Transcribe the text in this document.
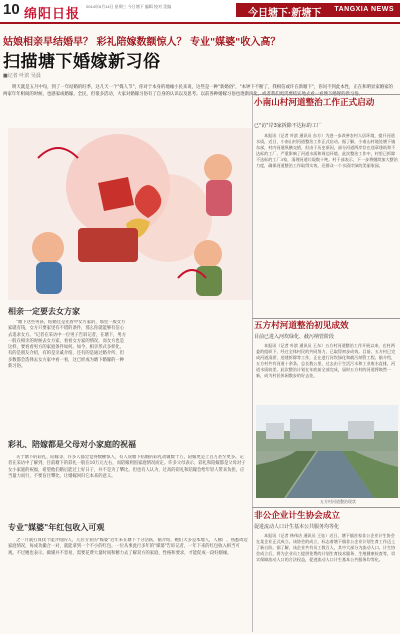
10 绵阳日报
2014年5月14日 星期三 今日塘下 编辑 校对 美编
今日塘下·新塘下 TANGXIA NEWS
姑娘相亲早结婚早？ 彩礼陪嫁数额惊人？ 专业"媒婆"收入高？
扫描塘下婚嫁新习俗
■记者 叶滨 吴晨
明天就是五月中旬，到了一年结婚的旺季，这几天一个"媒人节"，你对于本身的地缘小民来说，这些是一种"新婚俗"，"本钟下不断了，我相信或许在新塘下"，你问不到此本性，正在和明显家婚家的两家年年相间的时候，也感家或婚嫁。全民，但很多活动，大家对婚嫁习俗有了自身的认识以及思考。以前各种婚嫁习俗也逐渐淡化，或者我们更需要结实地去看一看塘下婚嫁的新习俗。
相亲一定要去女方家
"塘下这些男孩，结婚还是先看中女方家的，那里一般女方家就有钱，女方只要家里有不错的条件，那么你就能够有信心去追求女方。"记者在采访中一位男子告诉记者，在塘下，男方一般在相亲的时候去女方家，看看女方家的情况，而女方也是这样，要看看男方的家庭条件如何。如今，相亲形式多样化，有的是朋友介绍，有的是亲戚介绍，还有的是通过婚介所，但多数都会选择去女方家中看一看，这已经成为塘下婚嫁的一种新习俗。
彩礼、陪嫁都是父母对小家庭的祝福
关于塘下的彩礼、陪嫁等，许多人都会觉得数额惊人，有人说塘下结婚的彩礼动辄数十万，陪嫁更是上百万甚至更多。记者在采访中了解到，目前塘下的彩礼一般在10万元左右，而陪嫁则因家庭情况而定。许多父母表示，彩礼和陪嫁都是父母对子女小家庭的祝福，希望他们婚后能过上好日子，并不是为了攀比。但也有人认为，过高的彩礼和陪嫁会给年轻人带来负担，应当量力而行，不要盲目攀比，让婚嫁回归它本来的意义。
专业"媒婆"年红包收入可观
之一月就打算找个能介绍的人，几位专业的"媒婆"近年来在塘下十分活跃，据介绍，她们大多是本地人，人脉广，熟悉周边家庭情况，每成功撮合一对，就能拿到一个不小的红包。一位从事此行多年的"媒婆"告诉记者，一年下来的红包收入相当可观。不过她也表示，做媒并不容易，需要花费大量时间和精力去了解双方的家庭、性格和要求，才能促成一段好姻缘。
小南山村河道整治工作正式启动
已"访"岸3家拆除不达标的工厂
本报讯（记者 叶滨 通讯员 东方）为进一步改善农村人居环境，提升河道水质，近日，小南山村河道整治工作正式启动。据了解，小南山村地处塘下镇东部，村内河道纵横交错，但由于历史原因，部分河道两岸存在违章建筑和不达标的工厂，严重影响了河道水质和周边环境。此次整治工作中，村里已拆除不达标的工厂3家，清理河道垃圾数十吨。村干部表示，下一步将继续加大整治力度，确保河道整治工作取得实效，还群众一个水清岸绿的美丽家园。
五方村河道整治初见成效
目前已进入河坎绿化、截污纳管阶段
本报讯（记者 叶滨 通讯员 王东）五方村河道整治工作开展以来，在村两委的组织下，经过全体村民的共同努力，已取得初步成效。目前，五方村已完成河道清淤、违建拆除等工作，正在进行河坎绿化和截污纳管工程。据介绍，五方村共有河道十余条，总长数公里，过去由于生活污水和工业废水直排，河道水质较差。此次整治计划在年底前全部完成，届时五方村的河道将焕然一新，成为村民休闲散步的好去处。
五方村河道整治现状
非公企业计生协会成立
促进流动人口计生基本公共服务均等化
本报讯（记者 林伟洁 通讯员 王钰）近日，塘下镇首家非公企业计生协会在某企业正式成立。该协会的成立，标志着塘下镇非公企业计划生育工作迈上了新台阶。据了解，该企业共有员工数百人，其中大部分为流动人口。计生协会成立后，将为企业员工提供免费的计划生育技术服务、生殖健康检查等，切实保障流动人口的合法权益，促进流动人口计生基本公共服务均等化。
